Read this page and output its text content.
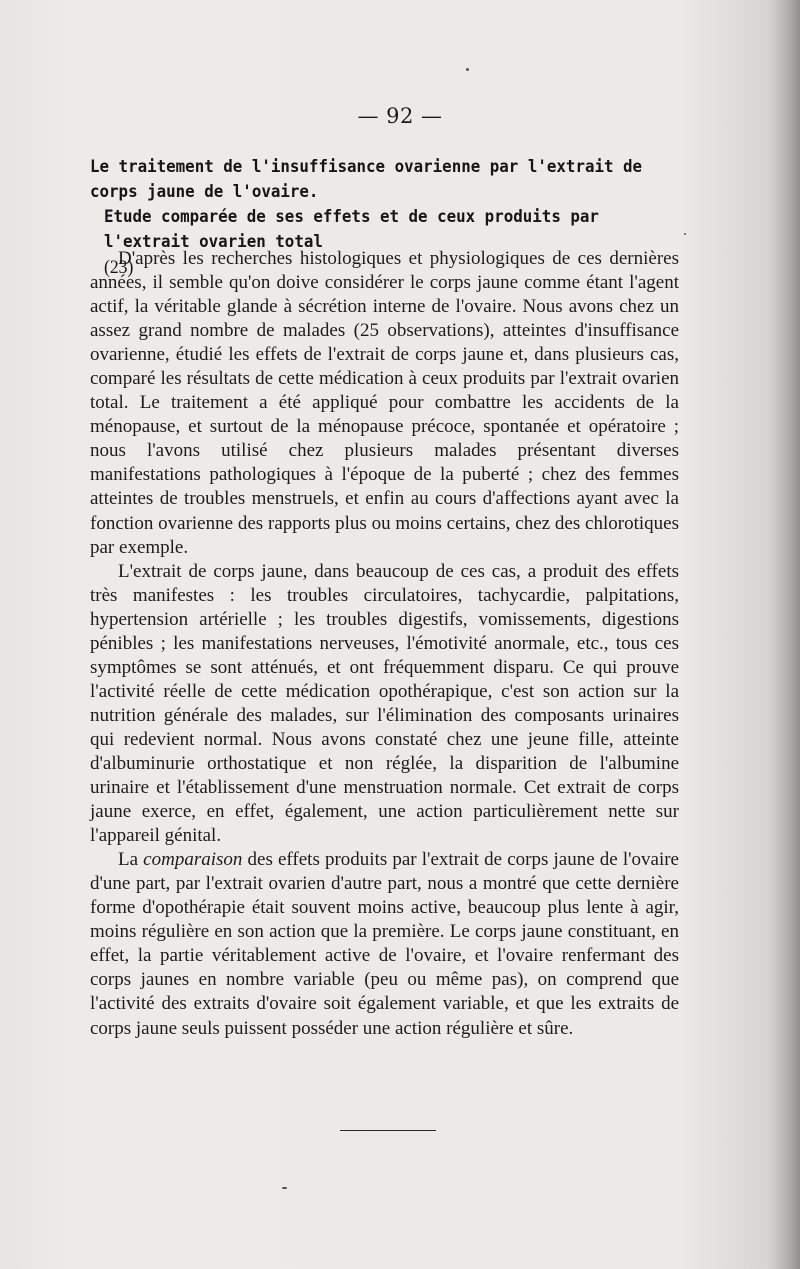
— 92 —
Le traitement de l'insuffisance ovarienne par l'extrait de corps jaune de l'ovaire.
Etude comparée de ses effets et de ceux produits par l'extrait ovarien total
(23)

D'après les recherches histologiques et physiologiques de ces dernières années, il semble qu'on doive considérer le corps jaune comme étant l'agent actif, la véritable glande à sécrétion interne de l'ovaire. Nous avons chez un assez grand nombre de malades (25 observations), atteintes d'insuffisance ovarienne, étudié les effets de l'extrait de corps jaune et, dans plusieurs cas, comparé les résultats de cette médication à ceux produits par l'extrait ovarien total. Le traitement a été appliqué pour combattre les accidents de la ménopause, et surtout de la ménopause précoce, spontanée et opératoire ; nous l'avons utilisé chez plusieurs malades présentant diverses manifestations pathologiques à l'époque de la puberté ; chez des femmes atteintes de troubles menstruels, et enfin au cours d'affections ayant avec la fonction ovarienne des rapports plus ou moins certains, chez des chlorotiques par exemple.

L'extrait de corps jaune, dans beaucoup de ces cas, a produit des effets très manifestes : les troubles circulatoires, tachycardie, palpitations, hypertension artérielle ; les troubles digestifs, vomissements, digestions pénibles ; les manifestations nerveuses, l'émotivité anormale, etc., tous ces symptômes se sont atténués, et ont fréquemment disparu. Ce qui prouve l'activité réelle de cette médication opothérapique, c'est son action sur la nutrition générale des malades, sur l'élimination des composants urinaires qui redevient normal. Nous avons constaté chez une jeune fille, atteinte d'albuminurie orthostatique et non réglée, la disparition de l'albumine urinaire et l'établissement d'une menstruation normale. Cet extrait de corps jaune exerce, en effet, également, une action particulièrement nette sur l'appareil génital.

La comparaison des effets produits par l'extrait de corps jaune de l'ovaire d'une part, par l'extrait ovarien d'autre part, nous a montré que cette dernière forme d'opothérapie était souvent moins active, beaucoup plus lente à agir, moins régulière en son action que la première. Le corps jaune constituant, en effet, la partie véritablement active de l'ovaire, et l'ovaire renfermant des corps jaunes en nombre variable (peu ou même pas), on comprend que l'activité des extraits d'ovaire soit également variable, et que les extraits de corps jaune seuls puissent posséder une action régulière et sûre.
